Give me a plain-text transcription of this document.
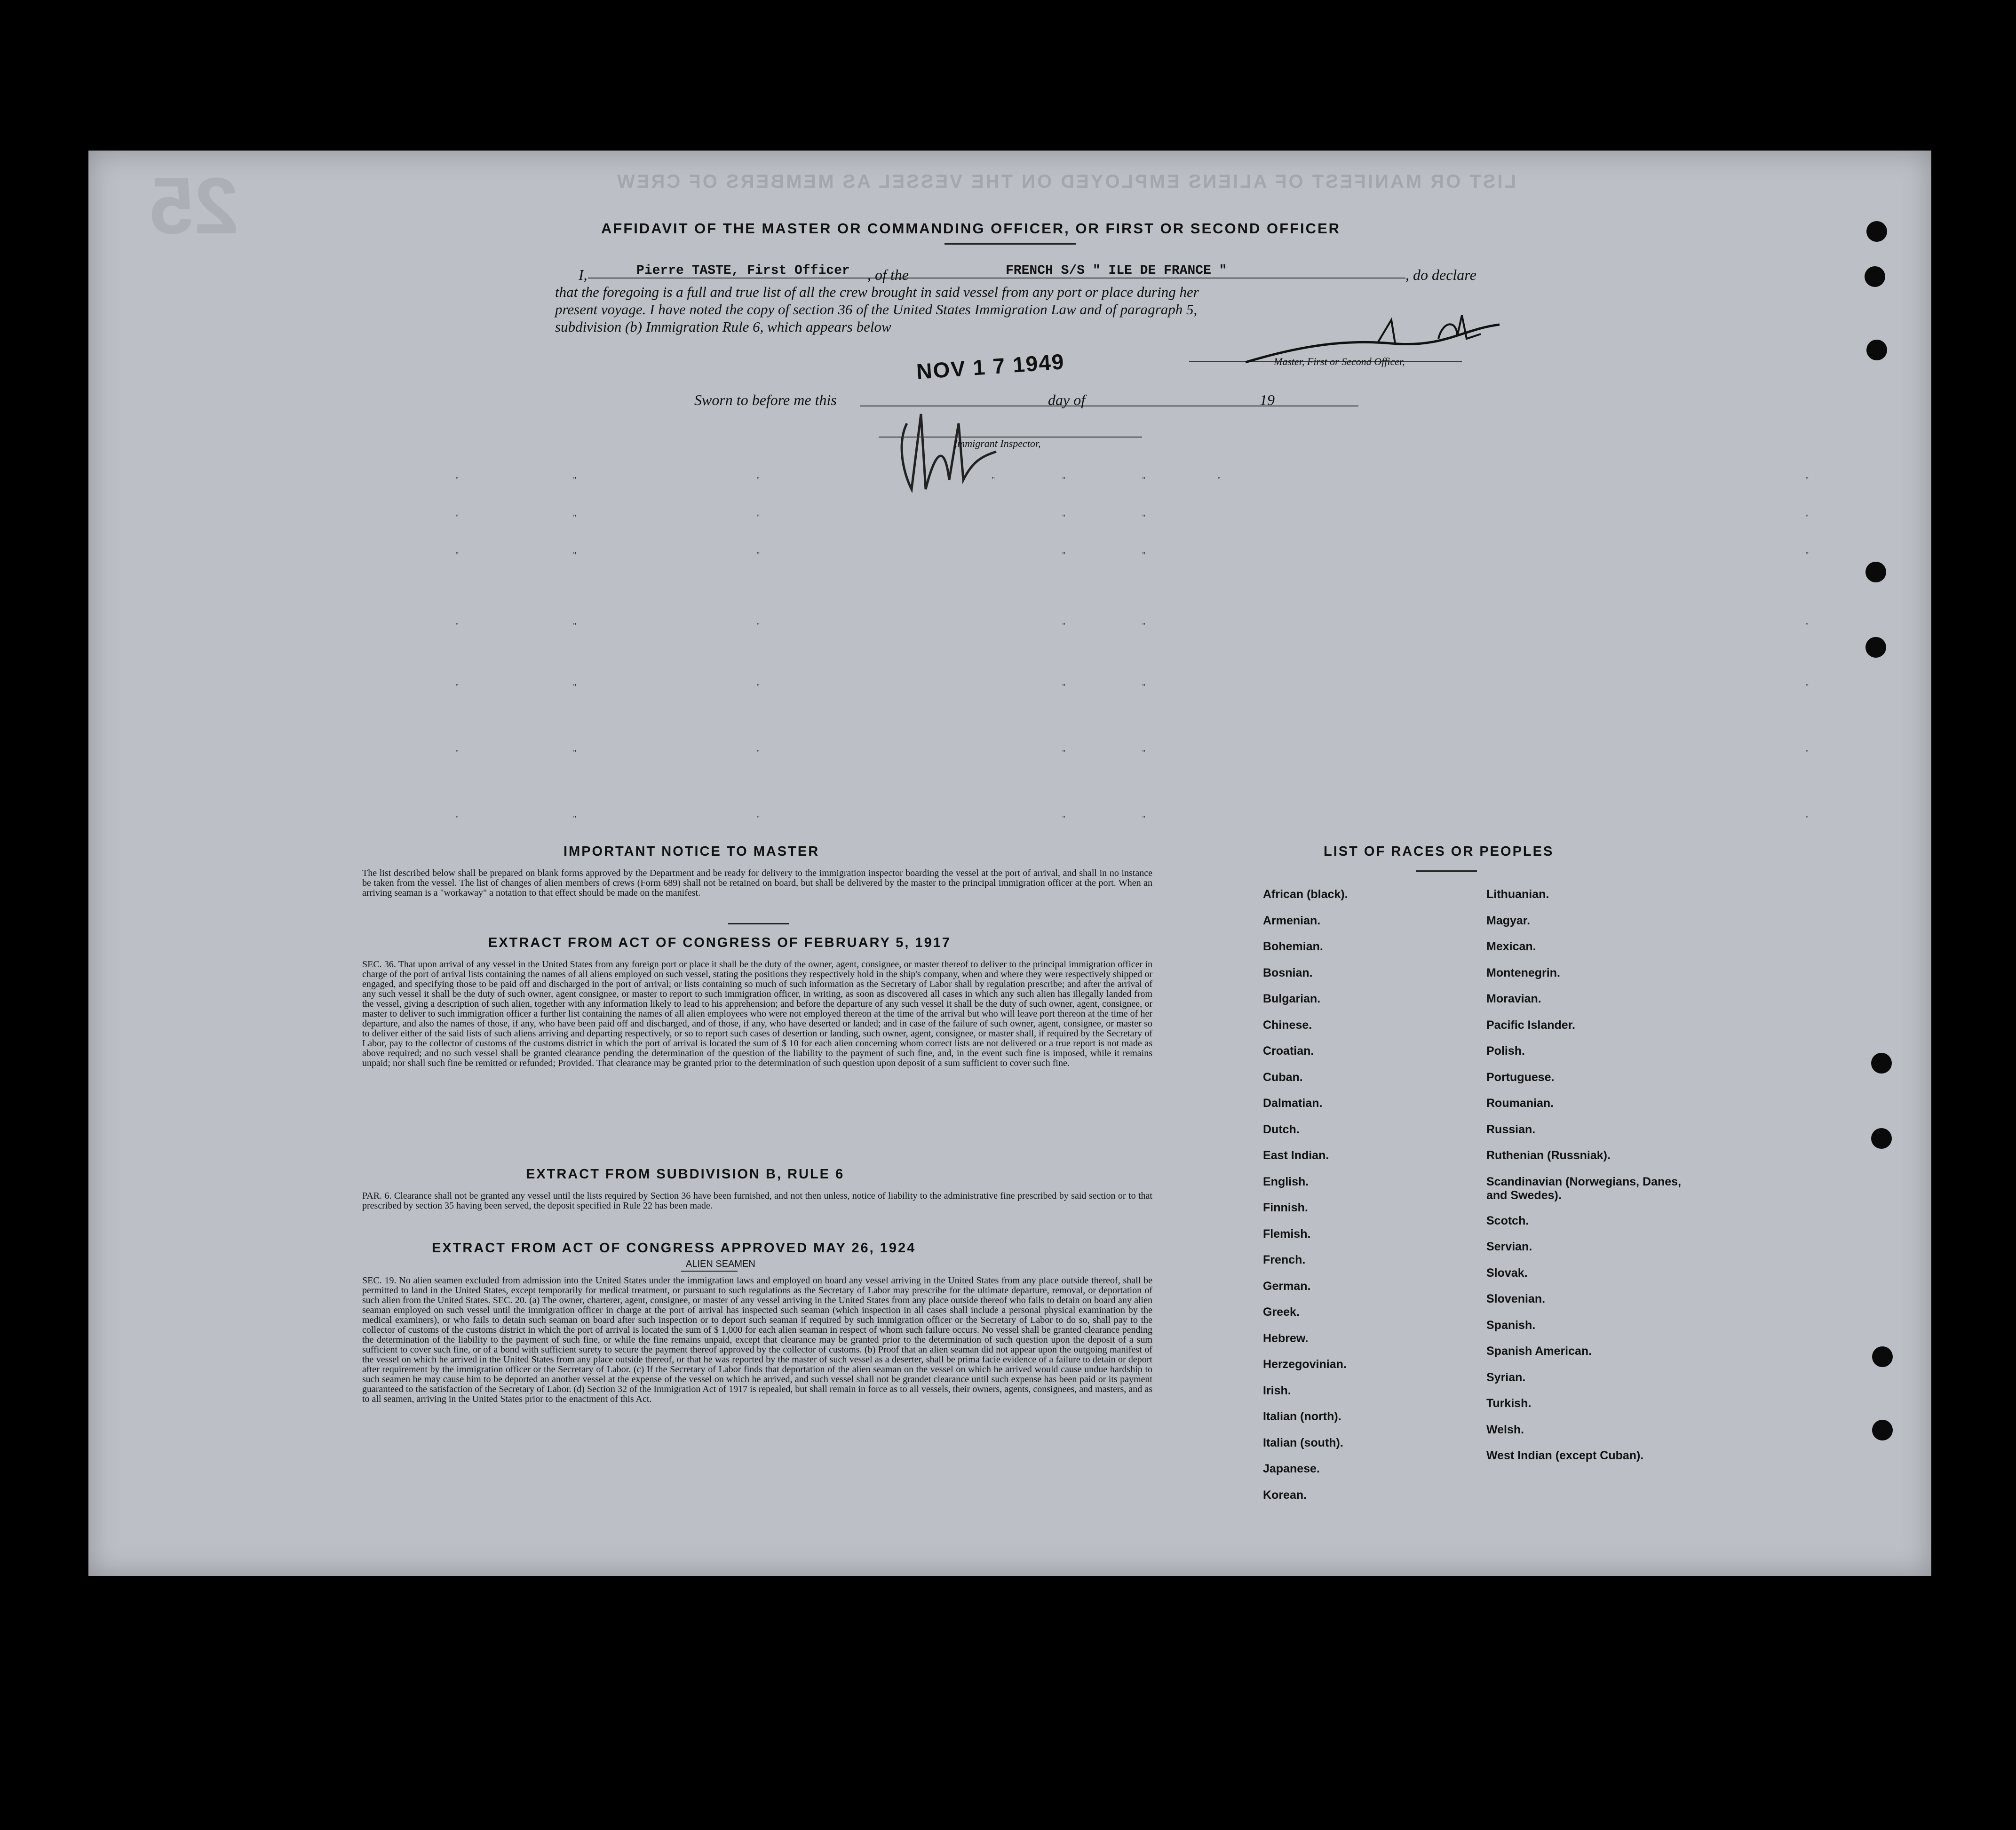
LIST OR MANIFEST OF ALIENS EMPLOYED ON THE VESSEL AS MEMBERS OF CREW
25	AFFIDAVIT OF THE MASTER OR COMMANDING OFFICER, OR FIRST OR SECOND OFFICER
I,	Pierre TASTE, First Officer , of the	FRENCH S/S " ILE DE FRANCE "	, do declare
that the foregoing is a full and true list of all the crew brought in said vessel from any port or place during her
present voyage. I have noted the copy of section 36 of the United States Immigration Law and of paragraph 5,
subdivision (b) Immigration Rule 6, which appears below
Master, First or Second Officer,
Sworn to before me this
NOV 1 7 1949
day of	19
Immigrant Inspector,
"	"	"	"	"	"	"	"
"	"	"	"	"	"
"	"	"	"	"	"
"	"	"	"	"	"
"	"	"	"	"	"
"	"	"	"	"	"
"	"	"	"	"	"
IMPORTANT NOTICE TO MASTER
The list described below shall be prepared on blank forms approved by the Department and be ready for delivery to the immigration inspector boarding the vessel at the port of arrival, and shall in no instance be taken from the vessel. The list of changes of alien members of crews (Form 689) shall not be retained on board, but shall be delivered by the master to the principal immigration officer at the port. When an arriving seaman is a "workaway" a notation to that effect should be made on the manifest.
EXTRACT FROM ACT OF CONGRESS OF FEBRUARY 5, 1917
SEC. 36. That upon arrival of any vessel in the United States from any foreign port or place it shall be the duty of the owner, agent, consignee, or master thereof to deliver to the principal immigration officer in charge of the port of arrival lists containing the names of all aliens employed on such vessel, stating the positions they respectively hold in the ship's company, when and where they were respectively shipped or engaged, and specifying those to be paid off and discharged in the port of arrival; or lists containing so much of such information as the Secretary of Labor shall by regulation prescribe; and after the arrival of any such vessel it shall be the duty of such owner, agent consignee, or master to report to such immigration officer, in writing, as soon as discovered all cases in which any such alien has illegally landed from the vessel, giving a description of such alien, together with any information likely to lead to his apprehension; and before the departure of any such vessel it shall be the duty of such owner, agent, consignee, or master to deliver to such immigration officer a further list containing the names of all alien employees who were not employed thereon at the time of the arrival but who will leave port thereon at the time of her departure, and also the names of those, if any, who have been paid off and discharged, and of those, if any, who have deserted or landed; and in case of the failure of such owner, agent, consignee, or master so to deliver either of the said lists of such aliens arriving and departing respectively, or so to report such cases of desertion or landing, such owner, agent, consignee, or master shall, if required by the Secretary of Labor, pay to the collector of customs of the customs district in which the port of arrival is located the sum of $ 10 for each alien concerning whom correct lists are not delivered or a true report is not made as above required; and no such vessel shall be granted clearance pending the determination of the question of the liability to the payment of such fine, and, in the event such fine is imposed, while it remains unpaid; nor shall such fine be remitted or refunded; Provided. That clearance may be granted prior to the determination of such question upon deposit of a sum sufficient to cover such fine.
EXTRACT FROM SUBDIVISION B, RULE 6
PAR. 6. Clearance shall not be granted any vessel until the lists required by Section 36 have been furnished, and not then unless, notice of liability to the administrative fine prescribed by said section or to that prescribed by section 35 having been served, the deposit specified in Rule 22 has been made.
EXTRACT FROM ACT OF CONGRESS APPROVED MAY 26, 1924
ALIEN SEAMEN
SEC. 19. No alien seamen excluded from admission into the United States under the immigration laws and employed on board any vessel arriving in the United States from any place outside thereof, shall be permitted to land in the United States, except temporarily for medical treatment, or pursuant to such regulations as the Secretary of Labor may prescribe for the ultimate departure, removal, or deportation of such alien from the United States. SEC. 20. (a) The owner, charterer, agent, consignee, or master of any vessel arriving in the United States from any place outside thereof who fails to detain on board any alien seaman employed on such vessel until the immigration officer in charge at the port of arrival has inspected such seaman (which inspection in all cases shall include a personal physical examination by the medical examiners), or who fails to detain such seaman on board after such inspection or to deport such seaman if required by such immigration officer or the Secretary of Labor to do so, shall pay to the collector of customs of the customs district in which the port of arrival is located the sum of $ 1,000 for each alien seaman in respect of whom such failure occurs. No vessel shall be granted clearance pending the determination of the liability to the payment of such fine, or while the fine remains unpaid, except that clearance may be granted prior to the determination of such question upon the deposit of a sum sufficient to cover such fine, or of a bond with sufficient surety to secure the payment thereof approved by the collector of customs. (b) Proof that an alien seaman did not appear upon the outgoing manifest of the vessel on which he arrived in the United States from any place outside thereof, or that he was reported by the master of such vessel as a deserter, shall be prima facie evidence of a failure to detain or deport after requirement by the immigration officer or the Secretary of Labor. (c) If the Secretary of Labor finds that deportation of the alien seaman on the vessel on which he arrived would cause undue hardship to such seamen he may cause him to be deported an another vessel at the expense of the vessel on which he arrived, and such vessel shall not be grandet clearance until such expense has been paid or its payment guaranteed to the satisfaction of the Secretary of Labor. (d) Section 32 of the Immigration Act of 1917 is repealed, but shall remain in force as to all vessels, their owners, agents, consignees, and masters, and as to all seamen, arriving in the United States prior to the enactment of this Act.
LIST OF RACES OR PEOPLES
African (black).
Armenian.
Bohemian.
Bosnian.
Bulgarian.
Chinese.
Croatian.
Cuban.
Dalmatian.
Dutch.
East Indian.
English.
Finnish.
Flemish.
French.
German.
Greek.
Hebrew.
Herzegovinian.
Irish.
Italian (north).
Italian (south).
Japanese.
Korean.
Lithuanian.
Magyar.
Mexican.
Montenegrin.
Moravian.
Pacific Islander.
Polish.
Portuguese.
Roumanian.
Russian.
Ruthenian (Russniak).
Scandinavian (Norwegians, Danes, and Swedes).
Scotch.
Servian.
Slovak.
Slovenian.
Spanish.
Spanish American.
Syrian.
Turkish.
Welsh.
West Indian (except Cuban).
